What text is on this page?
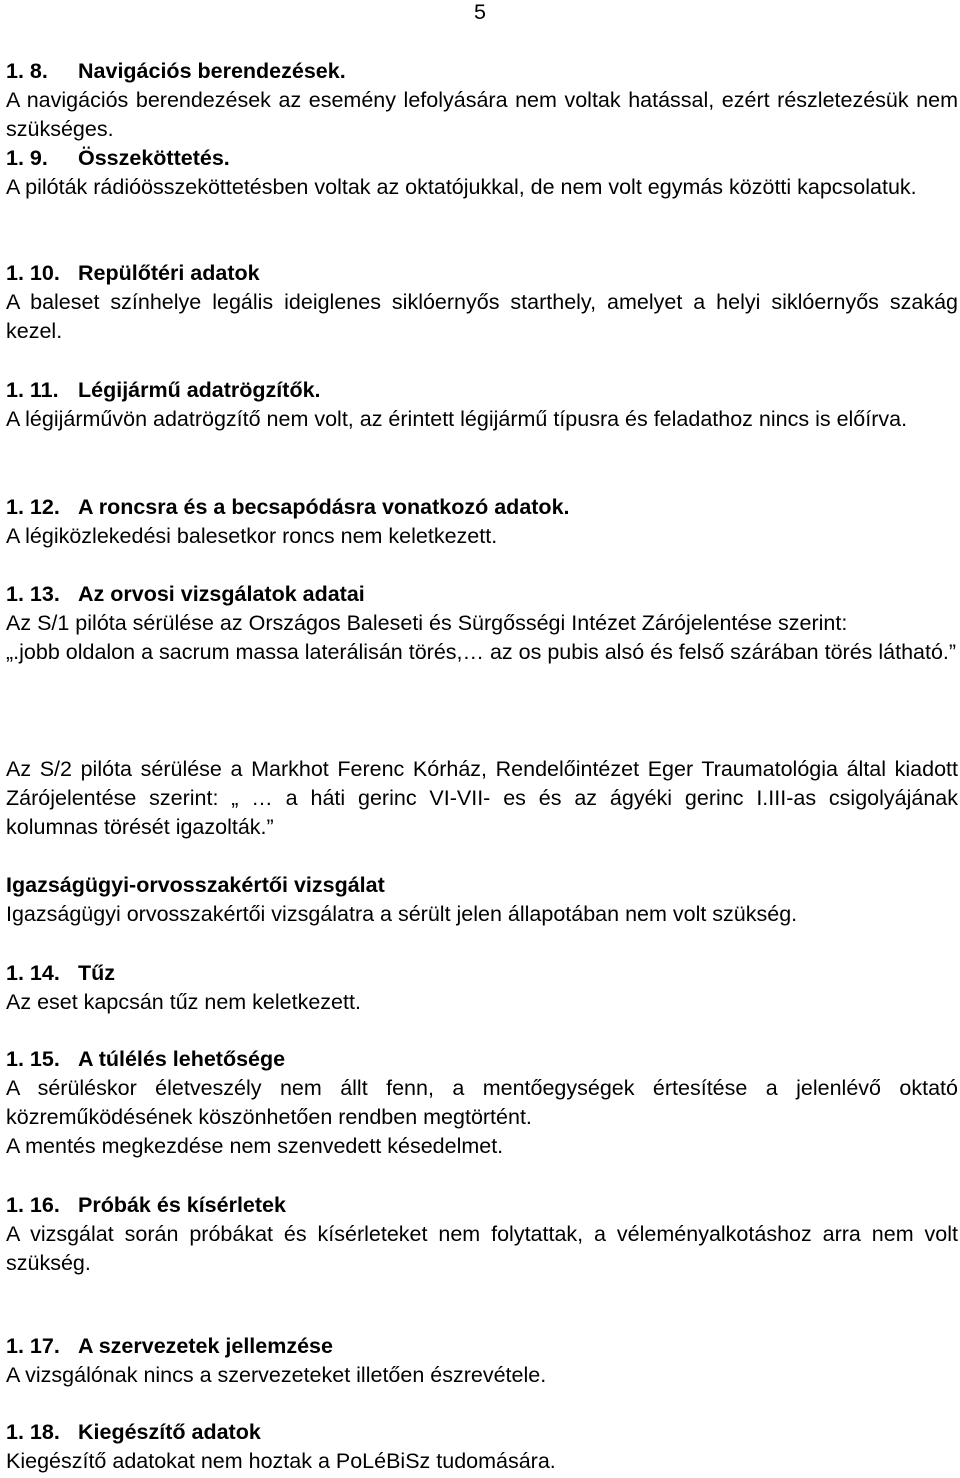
5
1. 8. Navigációs berendezések.
A navigációs berendezések az esemény lefolyására nem voltak hatással, ezért részletezésük nem szükséges.
1. 9. Összeköttetés.
A pilóták rádióösszeköttetésben voltak az oktatójukkal, de nem volt egymás közötti kapcsolatuk.
1. 10. Repülőtéri adatok
A baleset színhelye legális ideiglenes siklóernyős starthely, amelyet a helyi siklóernyős szakág kezel.
1. 11. Légijármű adatrögzítők.
A légijárművön adatrögzítő nem volt, az érintett légijármű típusra és feladathoz nincs is előírva.
1. 12. A roncsra és a becsapódásra vonatkozó adatok.
A légiközlekedési balesetkor roncs nem keletkezett.
1. 13. Az orvosi vizsgálatok adatai
Az S/1 pilóta sérülése az Országos Baleseti és Sürgősségi Intézet Zárójelentése szerint:
„.jobb oldalon a sacrum massa laterálisán törés,… az os pubis alsó és felső szárában törés látható.”
Az S/2 pilóta sérülése a Markhot Ferenc Kórház, Rendelőintézet Eger Traumatológia által kiadott Zárójelentése szerint: „ … a háti gerinc VI-VII- es és az ágyéki gerinc I.III-as csigolyájának kolumnas törését igazolták.”
Igazságügyi-orvosszakértői vizsgálat
Igazságügyi orvosszakértői vizsgálatra a sérült jelen állapotában nem volt szükség.
1. 14. Tűz
Az eset kapcsán tűz nem keletkezett.
1. 15. A túlélés lehetősége
A sérüléskor életveszély nem állt fenn, a mentőegységek értesítése a jelenlévő oktató közreműködésének köszönhetően rendben megtörtént.
A mentés megkezdése nem szenvedett késedelmet.
1. 16. Próbák és kísérletek
A vizsgálat során próbákat és kísérleteket nem folytattak, a véleményalkotáshoz arra nem volt szükség.
1. 17. A szervezetek jellemzése
A vizsgálónak nincs a szervezeteket illetően észrevétele.
1. 18. Kiegészítő adatok
Kiegészítő adatokat nem hoztak a PoLéBiSz tudomására.
